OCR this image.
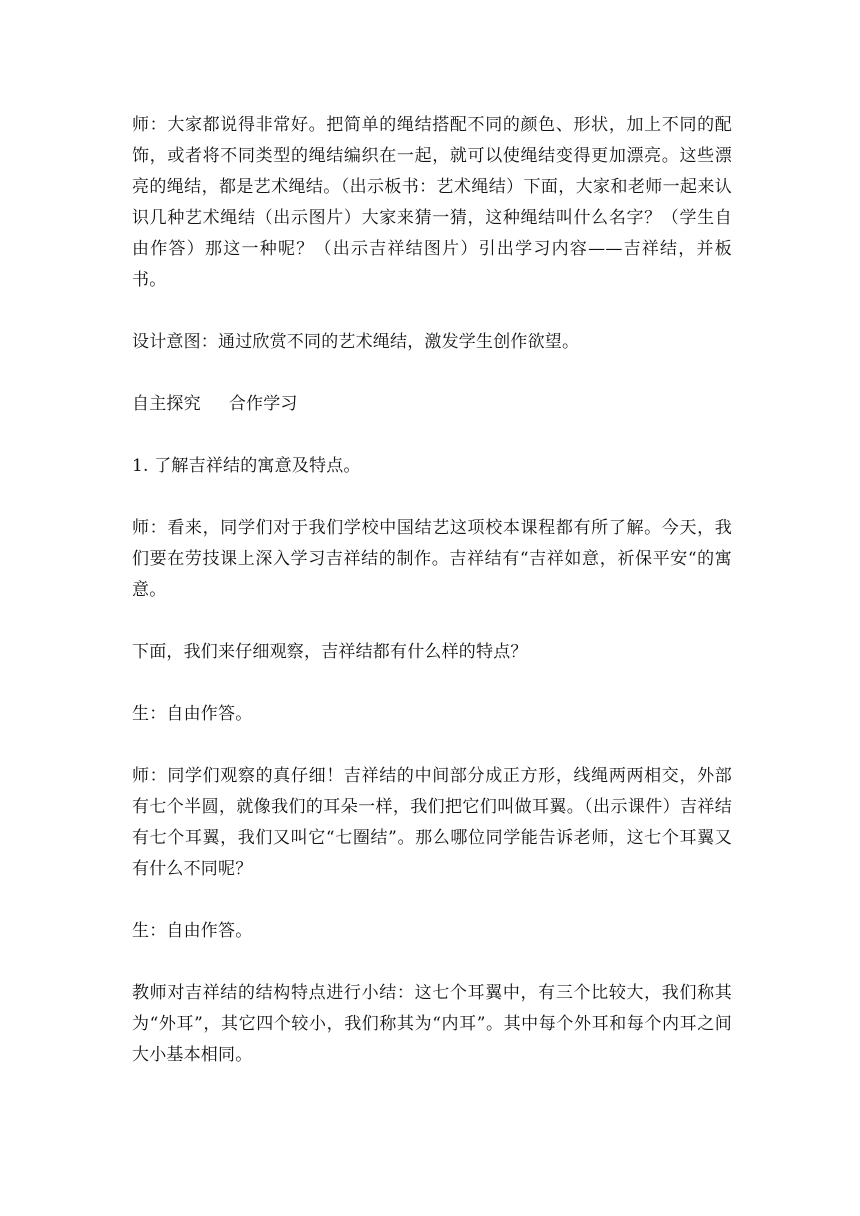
师：大家都说得非常好。把简单的绳结搭配不同的颜色、形状，加上不同的配饰，或者将不同类型的绳结编织在一起，就可以使绳结变得更加漂亮。这些漂亮的绳结，都是艺术绳结。（出示板书：艺术绳结）下面，大家和老师一起来认识几种艺术绳结（出示图片）大家来猜一猜，这种绳结叫什么名字？（学生自由作答）那这一种呢？（出示吉祥结图片）引出学习内容——吉祥结，并板书。

设计意图：通过欣赏不同的艺术绳结，激发学生创作欲望。

自主探究 合作学习

1. 了解吉祥结的寓意及特点。

师：看来，同学们对于我们学校中国结艺这项校本课程都有所了解。今天，我们要在劳技课上深入学习吉祥结的制作。吉祥结有“吉祥如意，祈保平安“的寓意。

下面，我们来仔细观察，吉祥结都有什么样的特点？

生：自由作答。

师：同学们观察的真仔细！吉祥结的中间部分成正方形，线绳两两相交，外部有七个半圆，就像我们的耳朵一样，我们把它们叫做耳翼。（出示课件）吉祥结有七个耳翼，我们又叫它“七圈结”。那么哪位同学能告诉老师，这七个耳翼又有什么不同呢？

生：自由作答。

教师对吉祥结的结构特点进行小结：这七个耳翼中，有三个比较大，我们称其为“外耳”，其它四个较小，我们称其为“内耳”。其中每个外耳和每个内耳之间大小基本相同。
